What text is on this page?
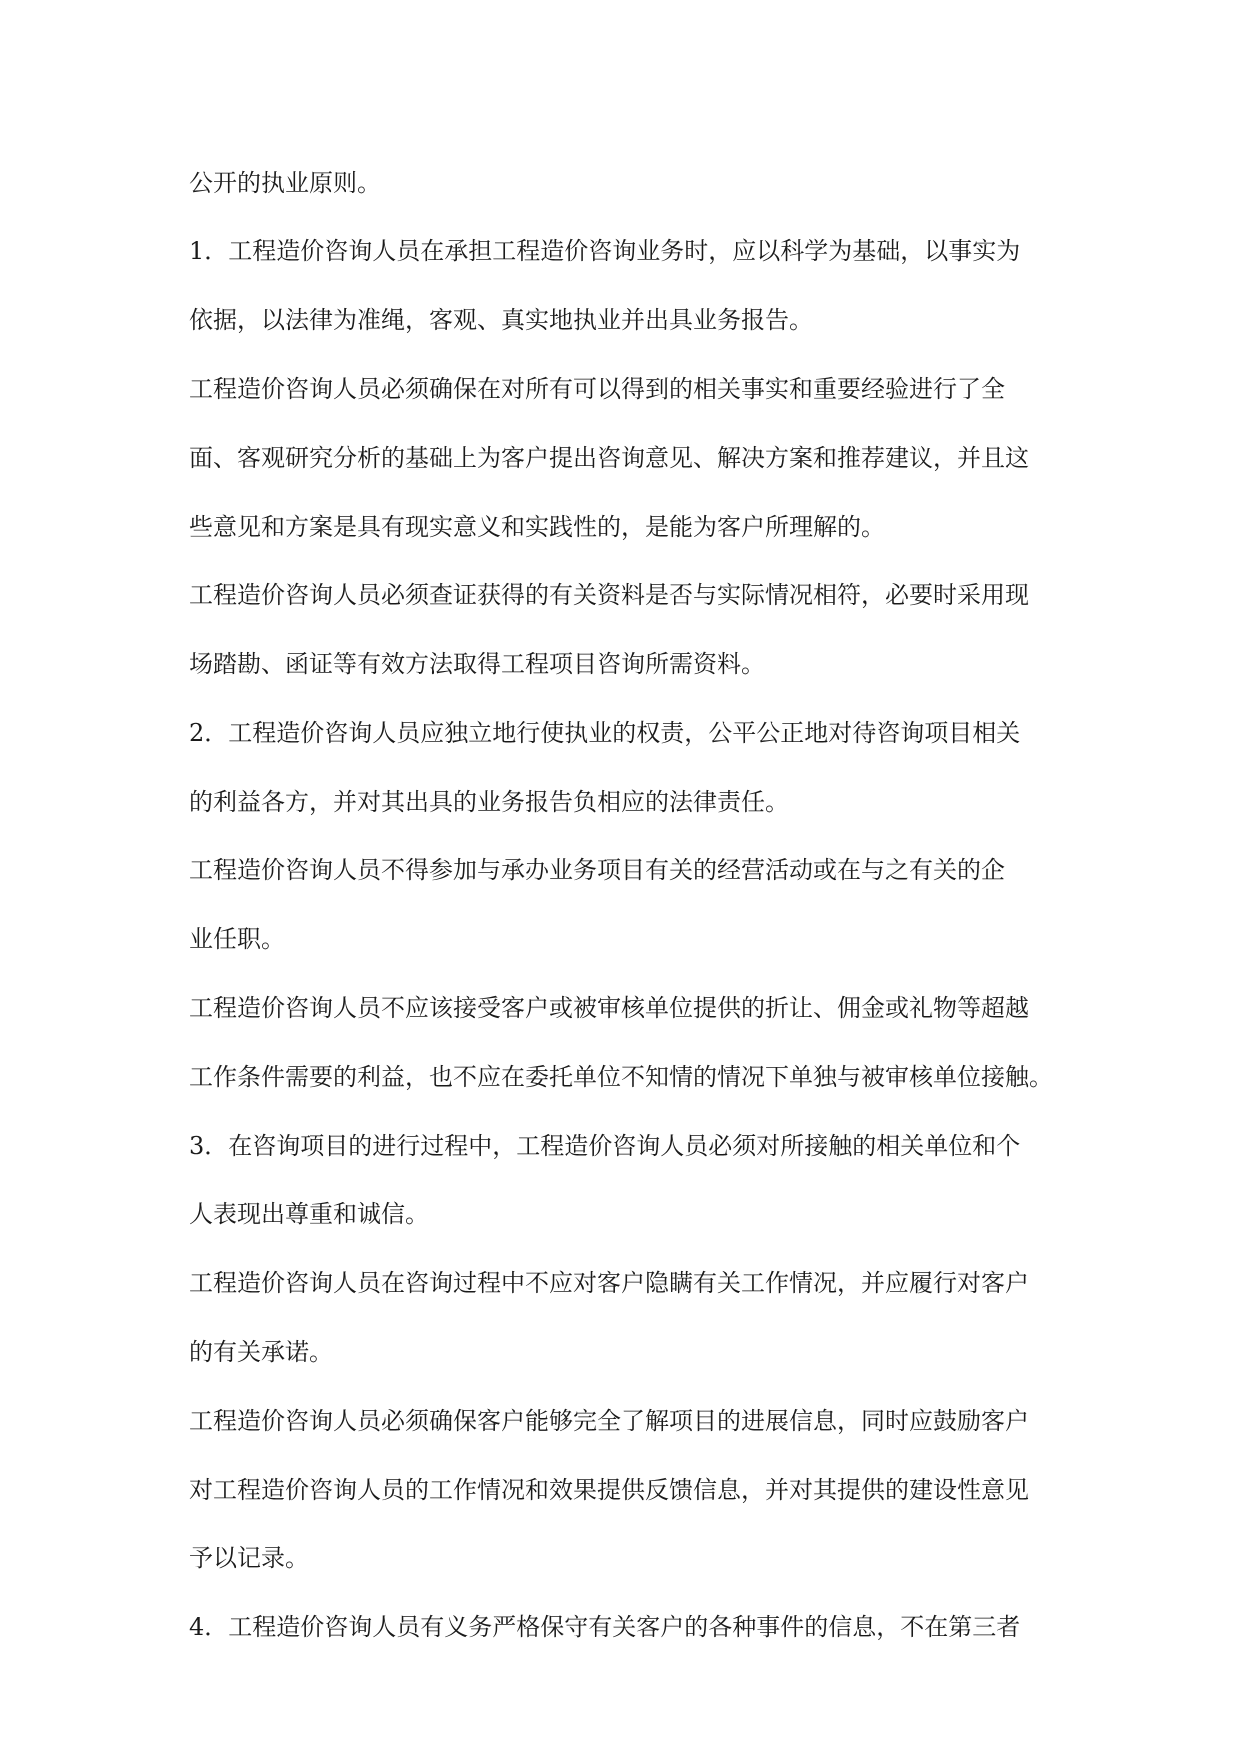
公开的执业原则。
1．工程造价咨询人员在承担工程造价咨询业务时，应以科学为基础，以事实为
依据，以法律为准绳，客观、真实地执业并出具业务报告。
工程造价咨询人员必须确保在对所有可以得到的相关事实和重要经验进行了全
面、客观研究分析的基础上为客户提出咨询意见、解决方案和推荐建议，并且这
些意见和方案是具有现实意义和实践性的，是能为客户所理解的。
工程造价咨询人员必须查证获得的有关资料是否与实际情况相符，必要时采用现
场踏勘、函证等有效方法取得工程项目咨询所需资料。
2．工程造价咨询人员应独立地行使执业的权责，公平公正地对待咨询项目相关
的利益各方，并对其出具的业务报告负相应的法律责任。
工程造价咨询人员不得参加与承办业务项目有关的经营活动或在与之有关的企
业任职。
工程造价咨询人员不应该接受客户或被审核单位提供的折让、佣金或礼物等超越
工作条件需要的利益，也不应在委托单位不知情的情况下单独与被审核单位接触。
3．在咨询项目的进行过程中，工程造价咨询人员必须对所接触的相关单位和个
人表现出尊重和诚信。
工程造价咨询人员在咨询过程中不应对客户隐瞒有关工作情况，并应履行对客户
的有关承诺。
工程造价咨询人员必须确保客户能够完全了解项目的进展信息，同时应鼓励客户
对工程造价咨询人员的工作情况和效果提供反馈信息，并对其提供的建设性意见
予以记录。
4．工程造价咨询人员有义务严格保守有关客户的各种事件的信息，不在第三者
